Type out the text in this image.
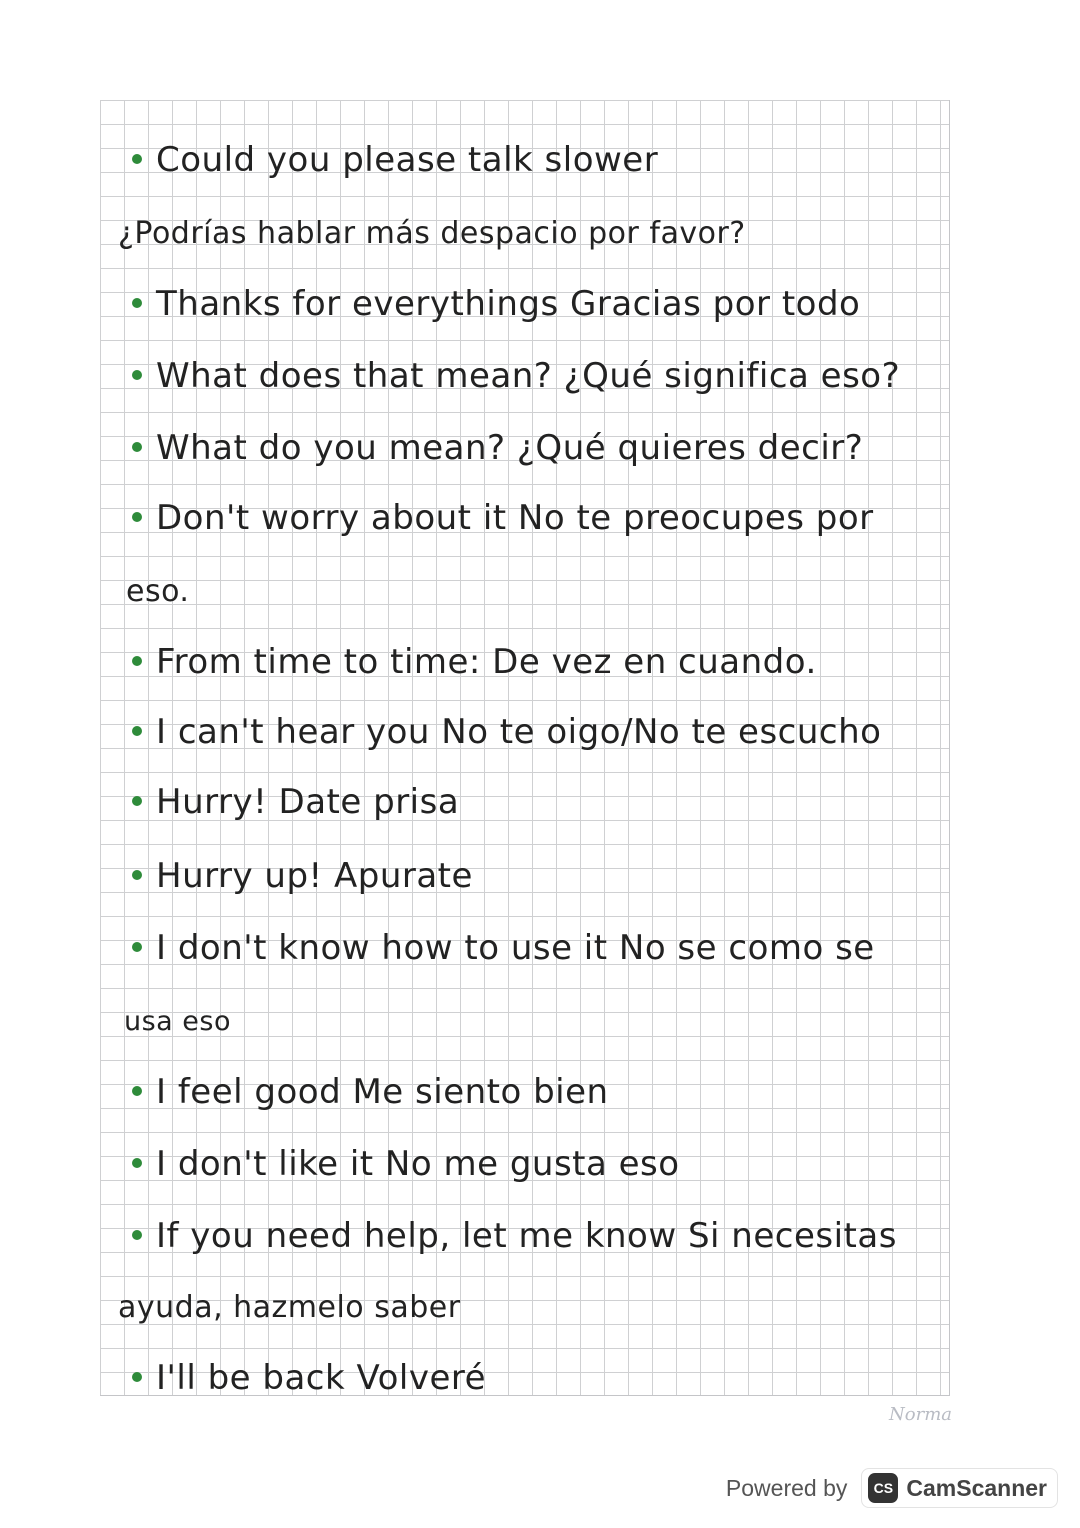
Could you please talk slower
¿Podrías hablar más despacio por favor?
Thanks for everythings Gracias por todo
What does that mean? ¿Qué significa eso?
What do you mean? ¿Qué quieres decir?
Don't worry about it No te preocupes por
eso.
From time to time: De vez en cuando.
I can't hear you No te oigo/No te escucho
Hurry! Date prisa
Hurry up! Apurate
I don't know how to use it No se como se
usa eso
I feel good Me siento bien
I don't like it No me gusta eso
If you need help, let me know Si necesitas
ayuda, hazmelo saber
I'll be back Volveré
Norma
Powered by	CS CamScanner
